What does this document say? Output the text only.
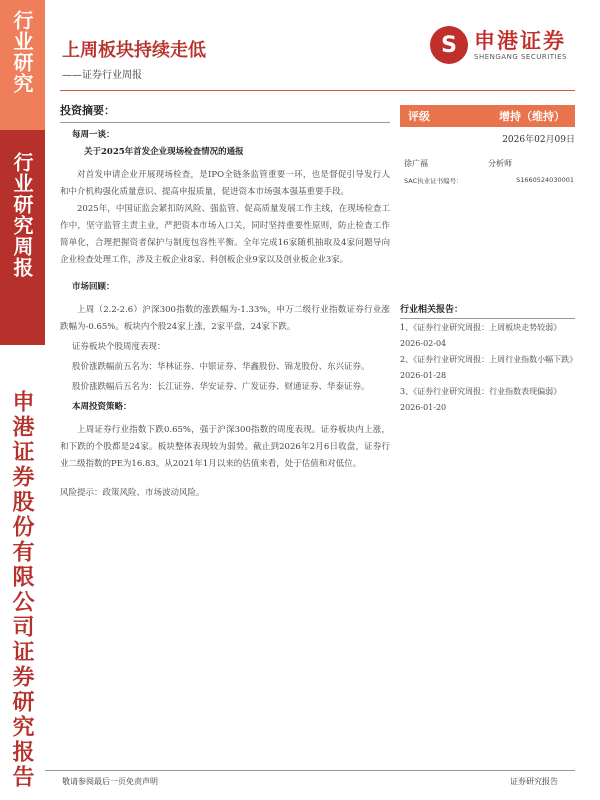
行业研究
行业研究周报
申港证券股份有限公司证券研究报告
上周板块持续走低
——证券行业周报
S 申港证券
SHENGANG SECURITIES
投资摘要：
每周一谈：
关于2025年首发企业现场检查情况的通报
对首发申请企业开展现场检查，是IPO全链条监管重要一环，也是督促引导发行人和中介机构强化质量意识、提高申报质量，促进资本市场强本强基重要手段。
2025年，中国证监会紧扣防风险、强监管、促高质量发展工作主线，在现场检查工作中，坚守监管主责主业，严把资本市场入口关，同时坚持重要性原则，防止检查工作简单化，合理把握资者保护与制度包容性平衡。全年完成16家随机抽取及4家问题导向企业检查处理工作，涉及主板企业8家、科创板企业9家以及创业板企业3家。
市场回顾：
上周（2.2-2.6）沪深300指数的涨跌幅为-1.33%，申万二级行业指数证券行业涨跌幅为-0.65%。板块内个股24家上涨，2家平盘，24家下跌。
证券板块个股周度表现：
股价涨跌幅前五名为：华林证券、中银证券、华鑫股份、锦龙股份、东兴证券。
股价涨跌幅后五名为：长江证券、华安证券、广发证券、财通证券、华泰证券。
本周投资策略：
上周证券行业指数下跌0.65%，强于沪深300指数的周度表现。证券板块内上涨，和下跌的个股都是24家。板块整体表现较为弱势。截止到2026年2月6日收盘，证券行业二级指数的PE为16.83。从2021年1月以来的估值来看，处于估值和对低位。
风险提示：政策风险、市场波动风险。
评级	增持（维持）
2026年02月09日
徐广福	分析师
SAC执业证书编号：	S1660524030001
行业相关报告：
1、《证券行业研究周报：上周板块走势较弱》2026-02-04
2、《证券行业研究周报：上周行业指数小幅下跌》2026-01-28
3、《证券行业研究周报：行业指数表现偏弱》2026-01-20
敬请参阅最后一页免责声明	证券研究报告
